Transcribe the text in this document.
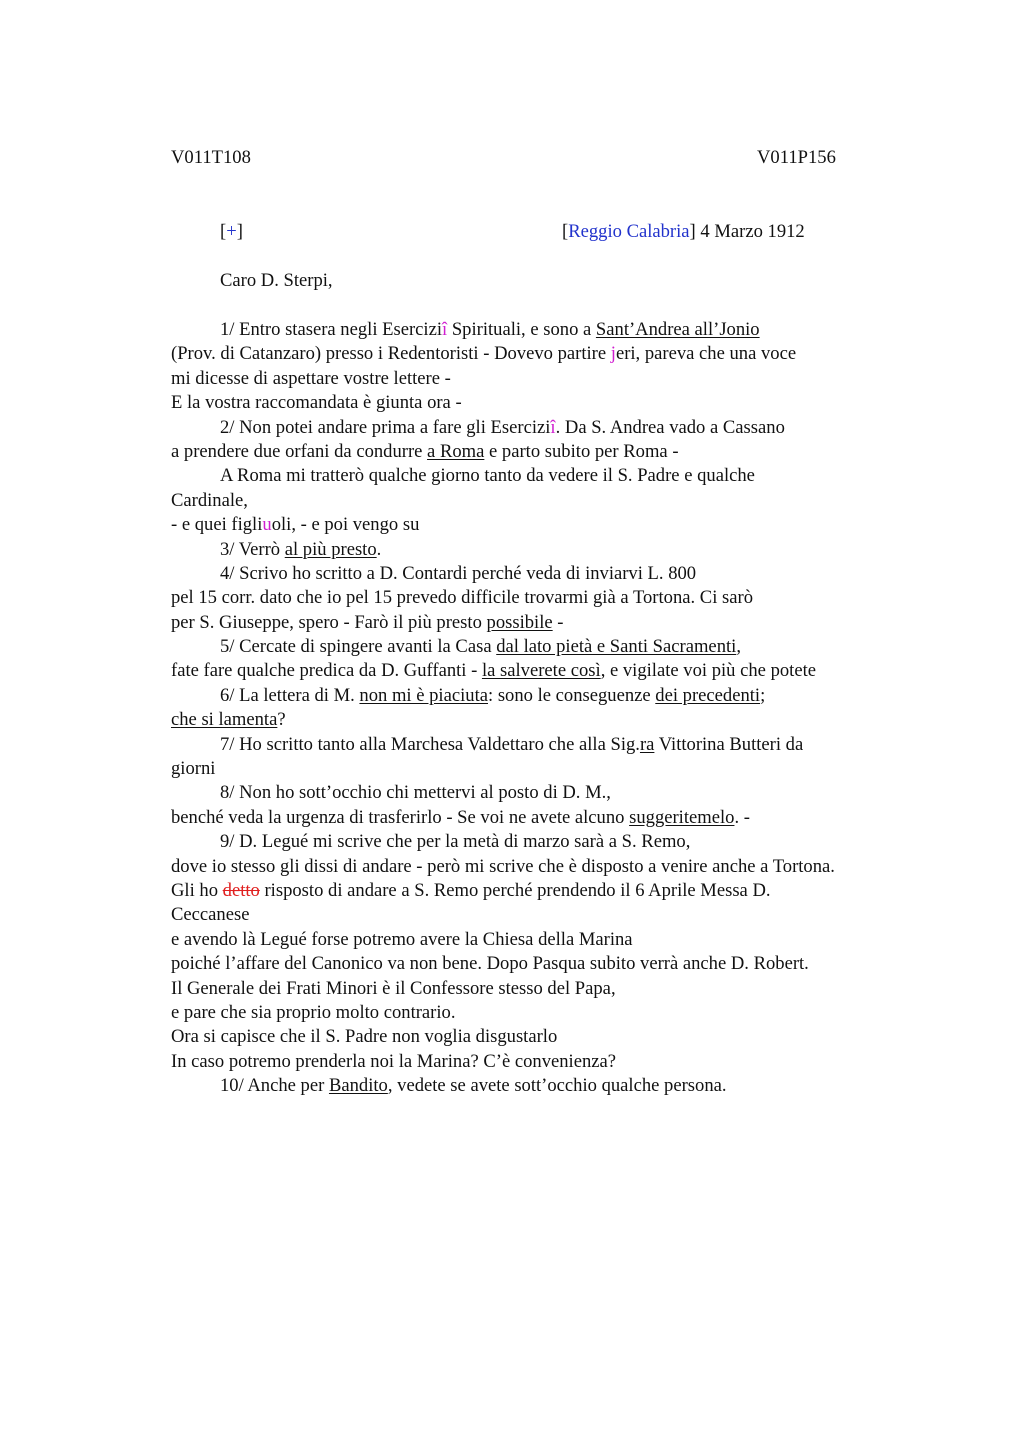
V011T108	V011P156
[+]	[Reggio Calabria] 4 Marzo 1912
Caro D. Sterpi,
1/ Entro stasera negli Eserciziî Spirituali, e sono a Sant’Andrea all’Jonio
(Prov. di Catanzaro) presso i Redentoristi - Dovevo partire jeri, pareva che una voce
mi dicesse di aspettare vostre lettere -
E la vostra raccomandata è giunta ora -
2/ Non potei andare prima a fare gli Eserciziî. Da S. Andrea vado a Cassano
a prendere due orfani da condurre a Roma e parto subito per Roma -
A Roma mi tratterò qualche giorno tanto da vedere il S. Padre e qualche
Cardinale,
- e quei figliuoli, - e poi vengo su
3/ Verrò al più presto.
4/ Scrivo ho scritto a D. Contardi perché veda di inviarvi L. 800
pel 15 corr. dato che io pel 15 prevedo difficile trovarmi già a Tortona. Ci sarò
per S. Giuseppe, spero - Farò il più presto possibile -
5/ Cercate di spingere avanti la Casa dal lato pietà e Santi Sacramenti,
fate fare qualche predica da D. Guffanti - la salverete così, e vigilate voi più che potete
6/ La lettera di M. non mi è piaciuta: sono le conseguenze dei precedenti;
che si lamenta?
7/ Ho scritto tanto alla Marchesa Valdettaro che alla Sig.ra Vittorina Butteri da
giorni
8/ Non ho sott’occhio chi mettervi al posto di D. M.,
benché veda la urgenza di trasferirlo - Se voi ne avete alcuno suggeritemelo. -
9/ D. Legué mi scrive che per la metà di marzo sarà a S. Remo,
dove io stesso gli dissi di andare - però mi scrive che è disposto a venire anche a Tortona.
Gli ho detto risposto di andare a S. Remo perché prendendo il 6 Aprile Messa D.
Ceccanese
e avendo là Legué forse potremo avere la Chiesa della Marina
poiché l’affare del Canonico va non bene. Dopo Pasqua subito verrà anche D. Robert.
Il Generale dei Frati Minori è il Confessore stesso del Papa,
e pare che sia proprio molto contrario.
Ora si capisce che il S. Padre non voglia disgustarlo
In caso potremo prenderla noi la Marina? C’è convenienza?
10/ Anche per Bandito, vedete se avete sott’occhio qualche persona.
